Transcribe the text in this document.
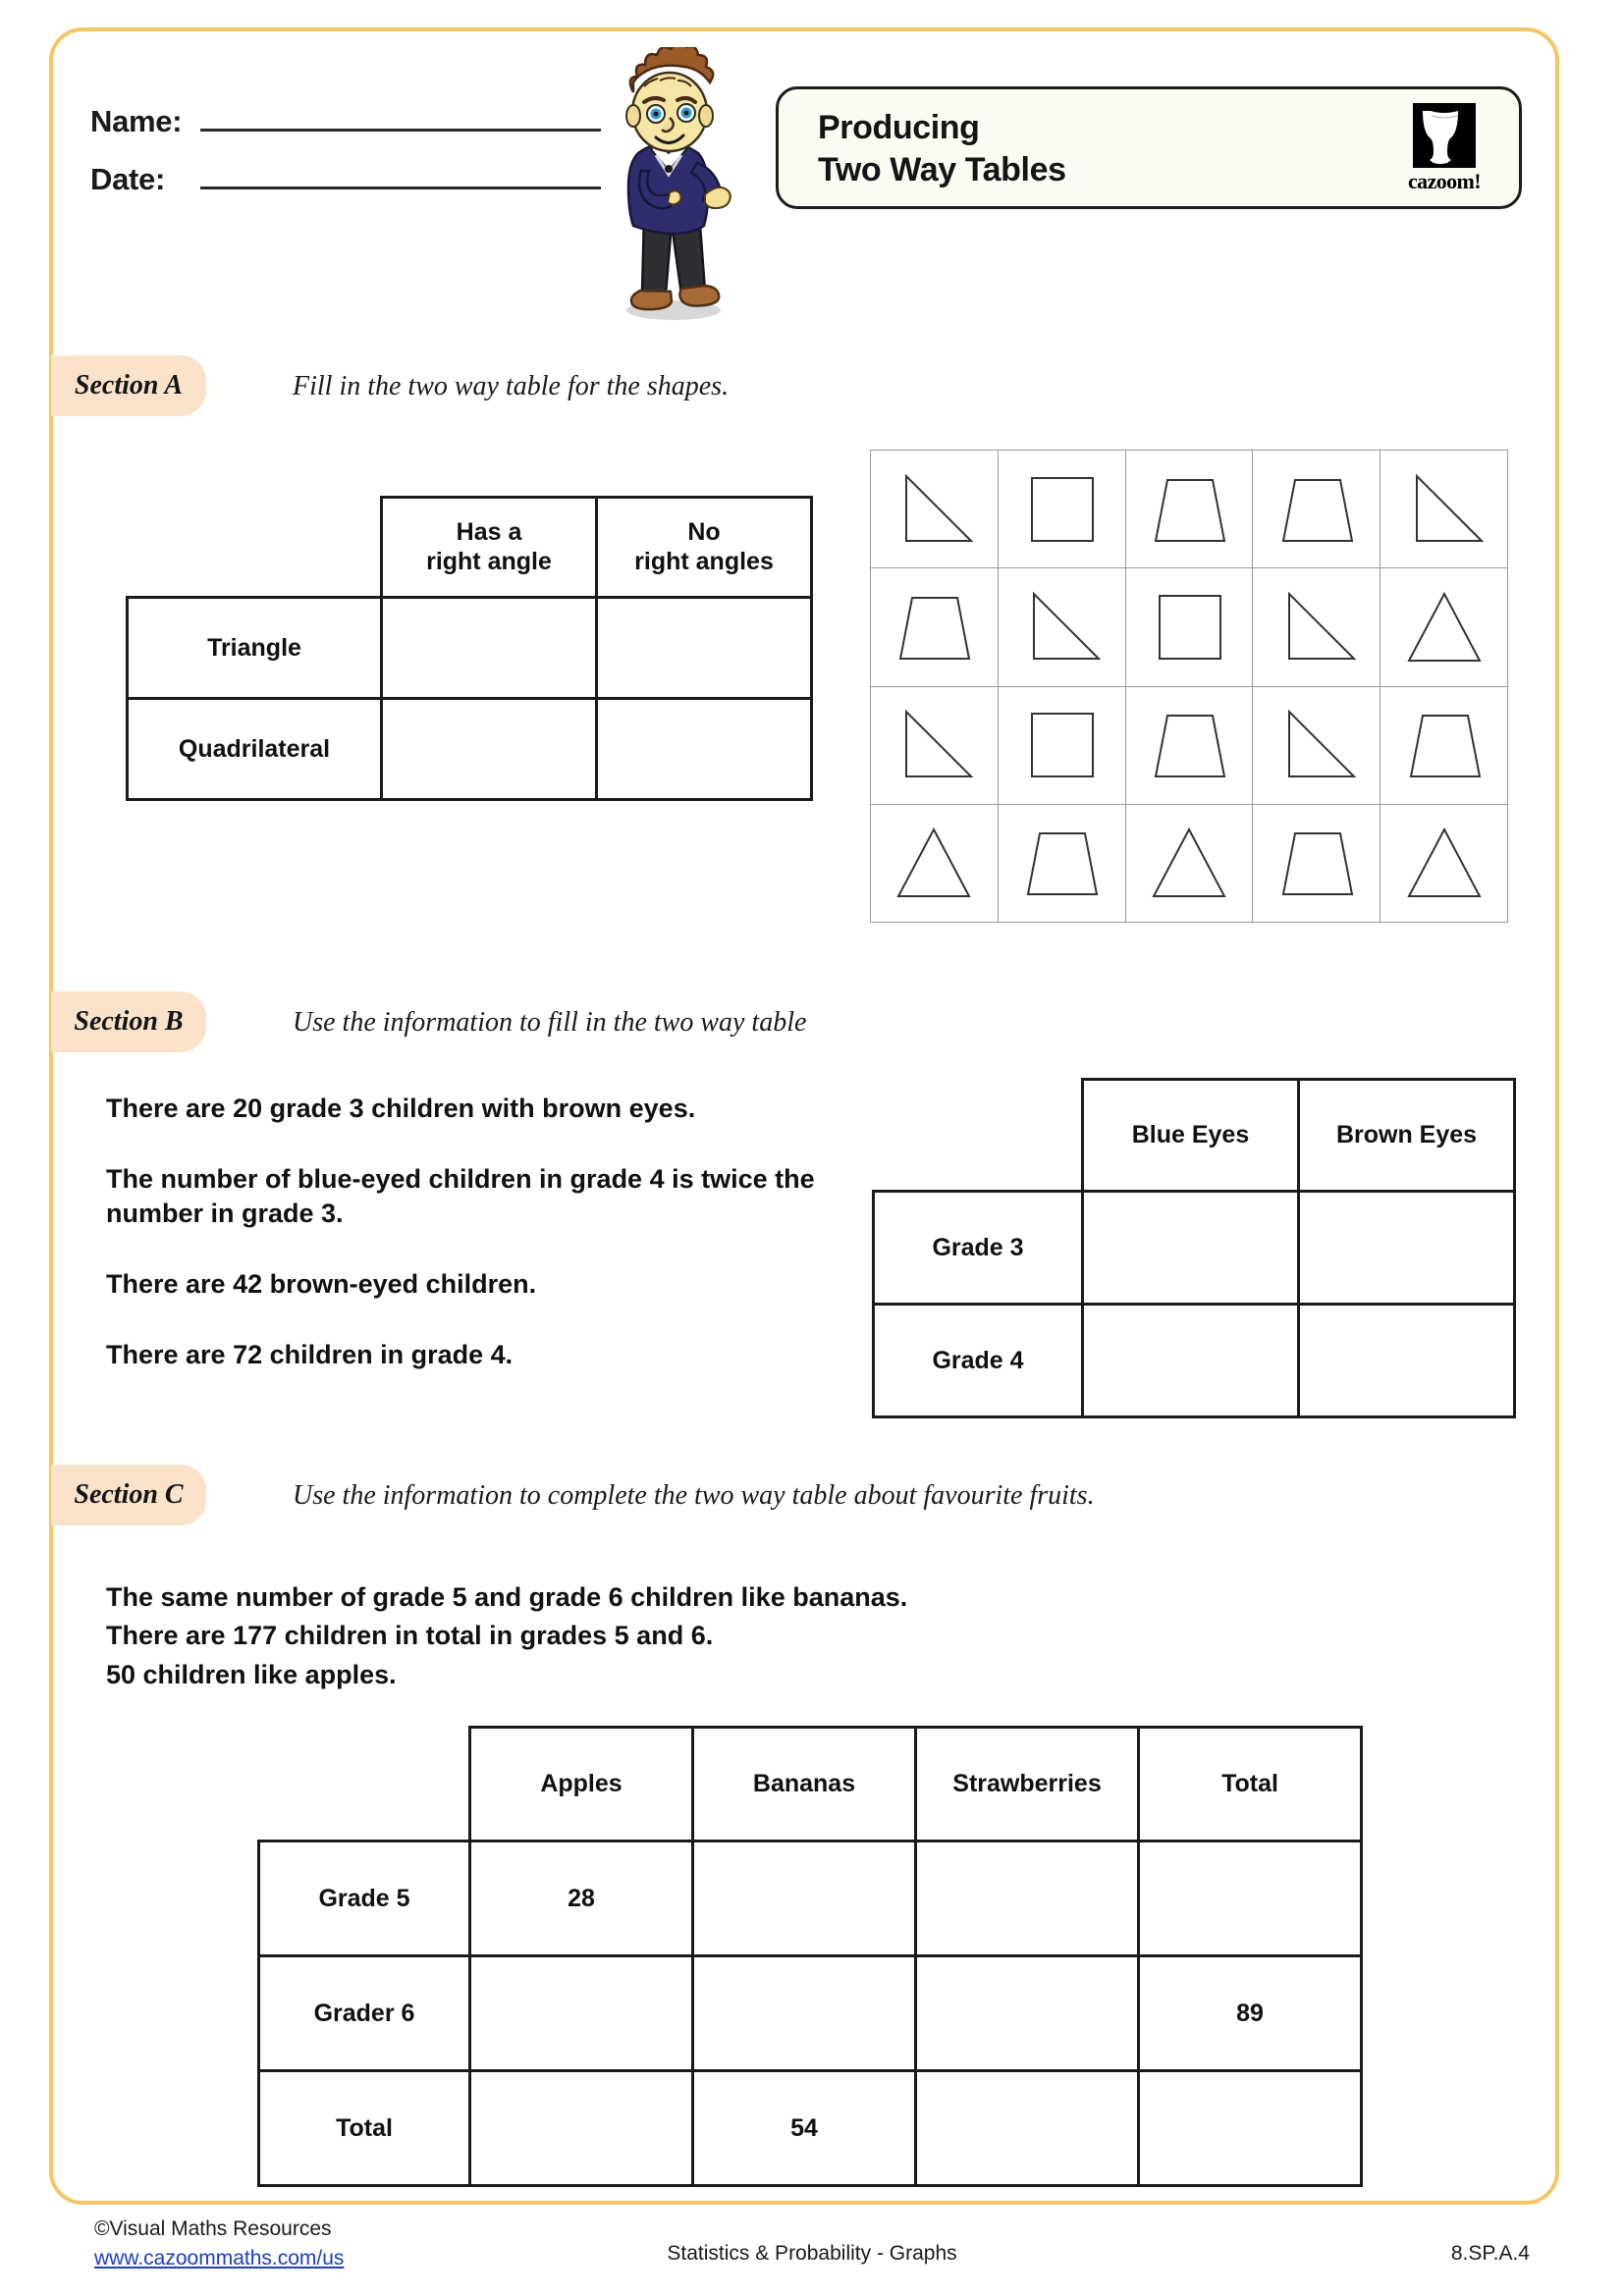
Name:
Date:
Producing
Two Way Tables	cazoom!
Section A	Fill in the two way table for the shapes.

Has a
right angle

No
right angles

Triangle		
Quadrilateral		
Section B	Use the information to fill in the two way table

There are 20 grade 3 children with brown eyes.

The number of blue-eyed children in grade 4 is twice the number in grade 3.

There are 42 brown-eyed children.

There are 72 children in grade 4.

	Blue Eyes	Brown Eyes
Grade 3		
Grade 4		
Section C	Use the information to complete the two way table about favourite fruits.

The same number of grade 5 and grade 6 children like bananas.

There are 177 children in total in grades 5 and 6.

50 children like apples.

	Apples	Bananas	Strawberries	Total
Grade 5	28			
Grader 6				89
Total		54		
©Visual Maths Resources
www.cazoommaths.com/us	Statistics & Probability - Graphs	8.SP.A.4
